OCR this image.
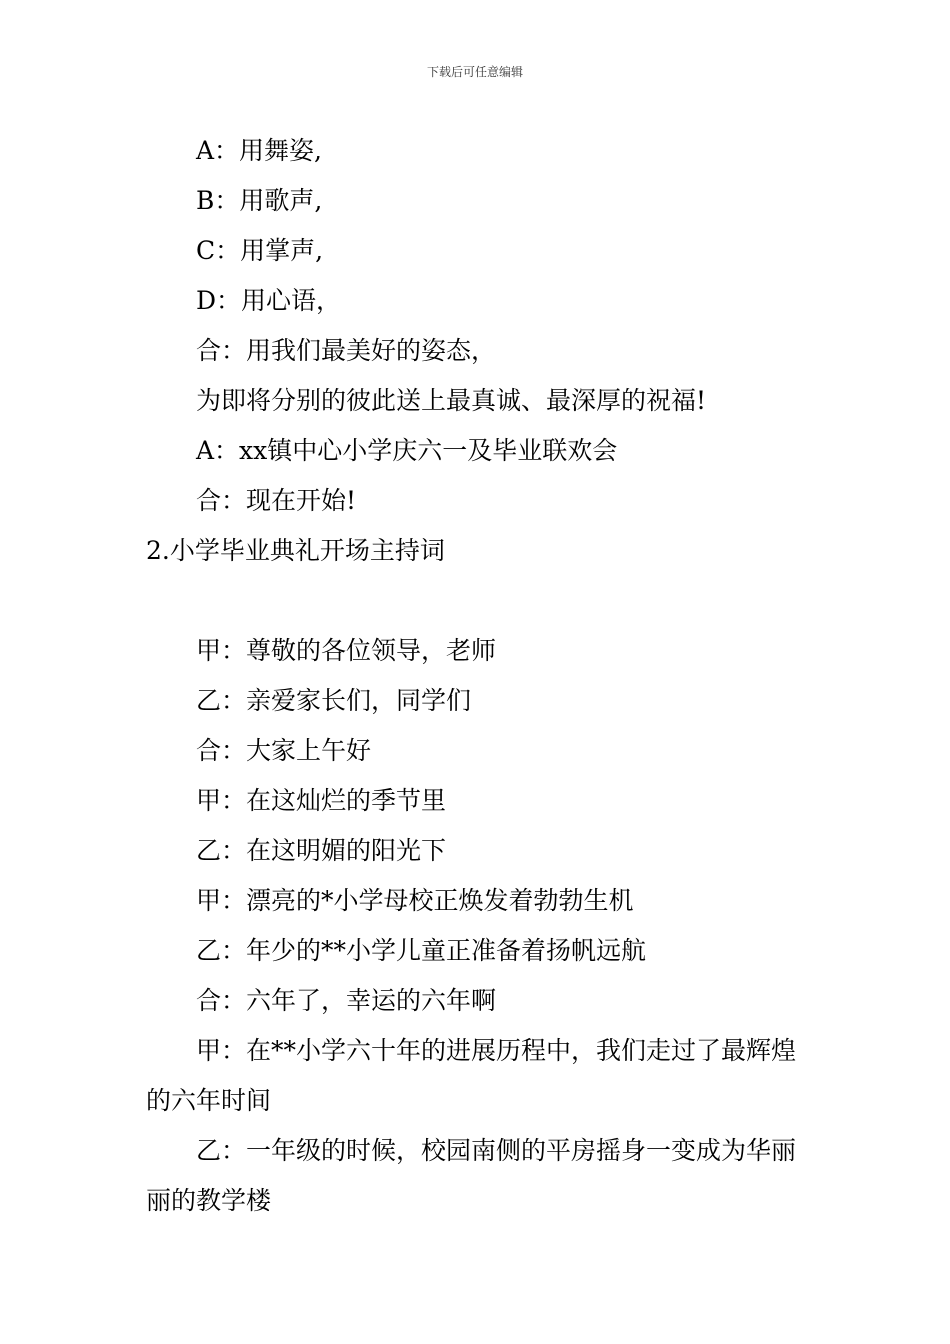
下载后可任意编辑

A：用舞姿,

B：用歌声,

C：用掌声,

D：用心语，

合：用我们最美好的姿态，

为即将分别的彼此送上最真诚、最深厚的祝福!

A：xx镇中心小学庆六一及毕业联欢会

合：现在开始!

2.小学毕业典礼开场主持词

甲：尊敬的各位领导，老师

乙：亲爱家长们，同学们

合：大家上午好

甲：在这灿烂的季节里

乙：在这明媚的阳光下

甲：漂亮的*小学母校正焕发着勃勃生机

乙：年少的**小学儿童正准备着扬帆远航

合：六年了，幸运的六年啊

甲：在**小学六十年的进展历程中，我们走过了最辉煌的六年时间

乙：一年级的时候，校园南侧的平房摇身一变成为华丽丽的教学楼
